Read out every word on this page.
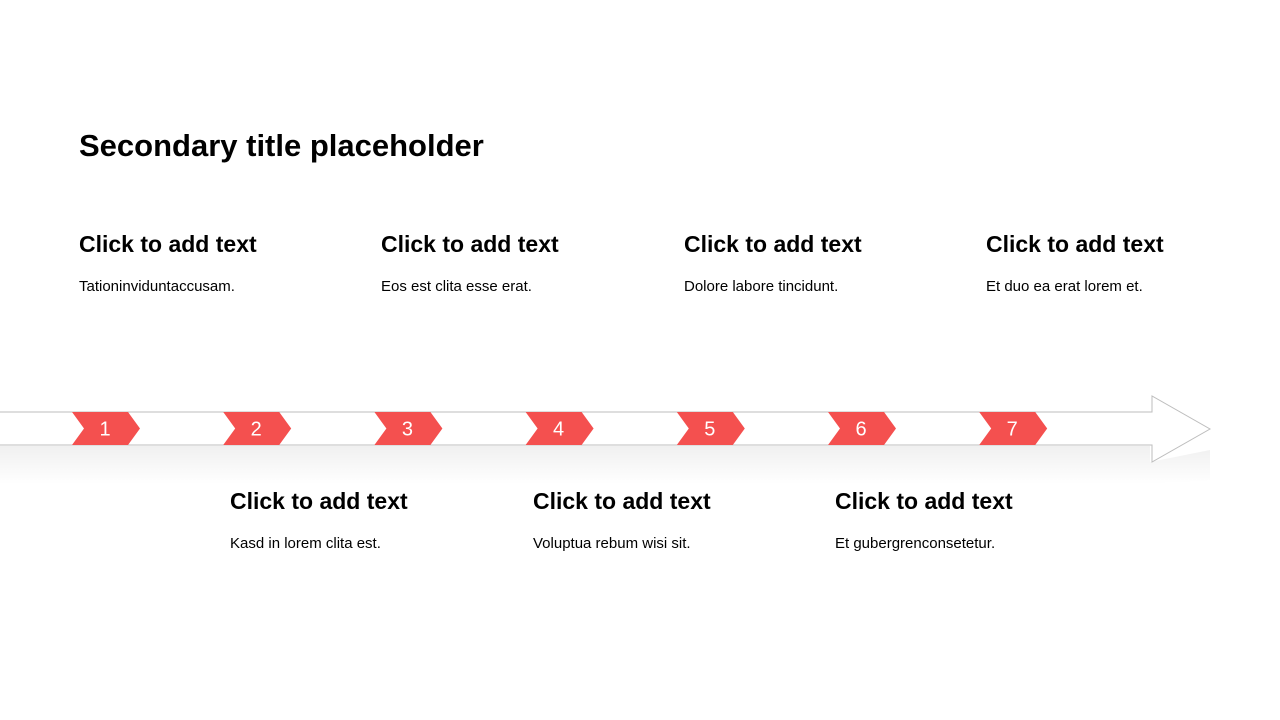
Secondary title placeholder
Click to add text
Tationinviduntaccusam.
Click to add text
Eos est clita esse erat.
Click to add text
Dolore labore tincidunt.
Click to add text
Et duo ea erat lorem et.
1	2	3	4	5	6	7
Click to add text
Kasd in lorem clita est.
Click to add text
Voluptua rebum wisi sit.
Click to add text
Et gubergrenconsetetur.
